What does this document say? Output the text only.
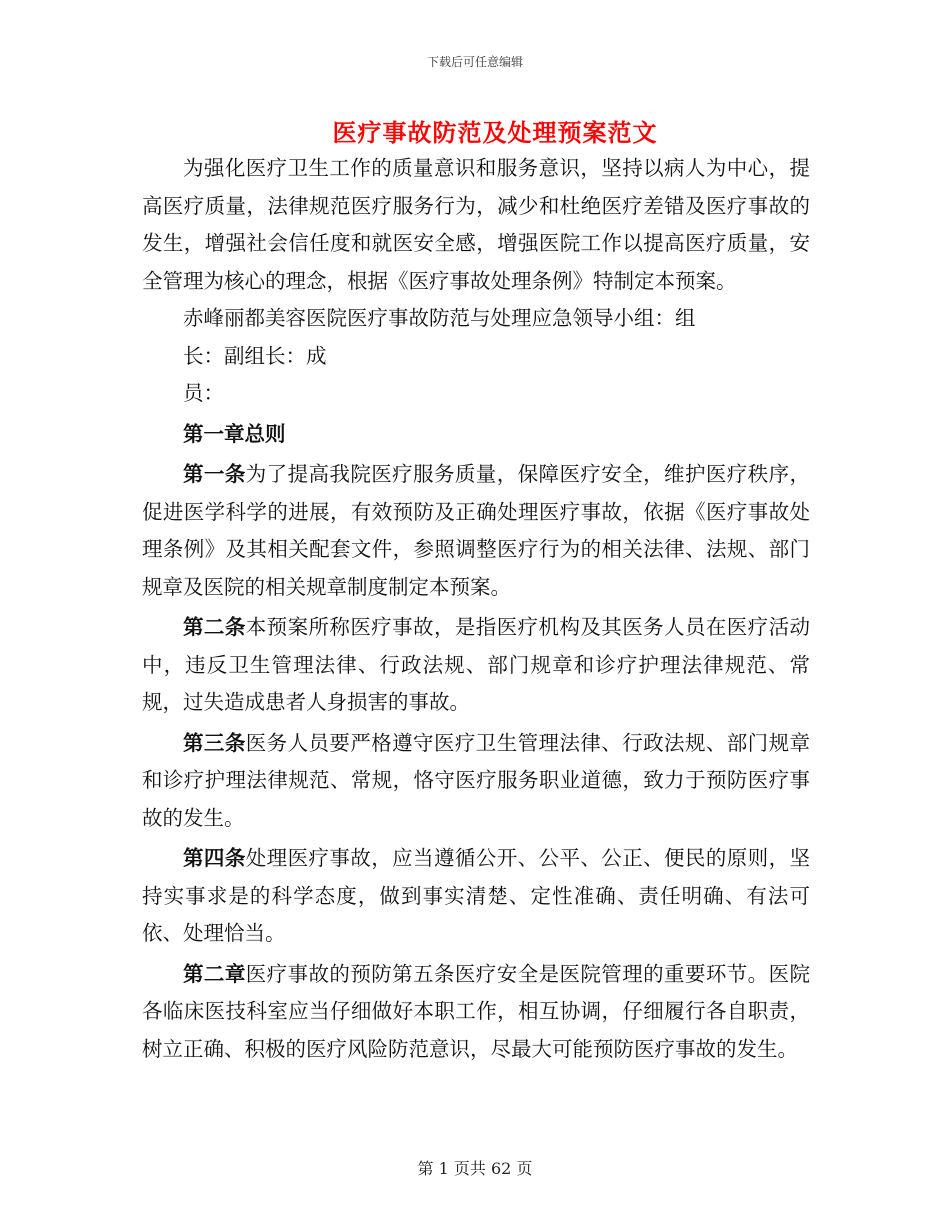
下载后可任意编辑
医疗事故防范及处理预案范文

为强化医疗卫生工作的质量意识和服务意识，坚持以病人为中心，提高医疗质量，法律规范医疗服务行为，减少和杜绝医疗差错及医疗事故的发生，增强社会信任度和就医安全感，增强医院工作以提高医疗质量，安全管理为核心的理念，根据《医疗事故处理条例》特制定本预案。

赤峰丽都美容医院医疗事故防范与处理应急领导小组：组

长：副组长：成

员：

第一章总则

第一条为了提高我院医疗服务质量，保障医疗安全，维护医疗秩序，促进医学科学的进展，有效预防及正确处理医疗事故，依据《医疗事故处理条例》及其相关配套文件，参照调整医疗行为的相关法律、法规、部门规章及医院的相关规章制度制定本预案。

第二条本预案所称医疗事故，是指医疗机构及其医务人员在医疗活动中，违反卫生管理法律、行政法规、部门规章和诊疗护理法律规范、常规，过失造成患者人身损害的事故。

第三条医务人员要严格遵守医疗卫生管理法律、行政法规、部门规章和诊疗护理法律规范、常规，恪守医疗服务职业道德，致力于预防医疗事故的发生。

第四条处理医疗事故，应当遵循公开、公平、公正、便民的原则，坚持实事求是的科学态度，做到事实清楚、定性准确、责任明确、有法可依、处理恰当。

第二章医疗事故的预防第五条医疗安全是医院管理的重要环节。医院各临床医技科室应当仔细做好本职工作，相互协调，仔细履行各自职责，树立正确、积极的医疗风险防范意识，尽最大可能预防医疗事故的发生。

第 1 页共 62 页
